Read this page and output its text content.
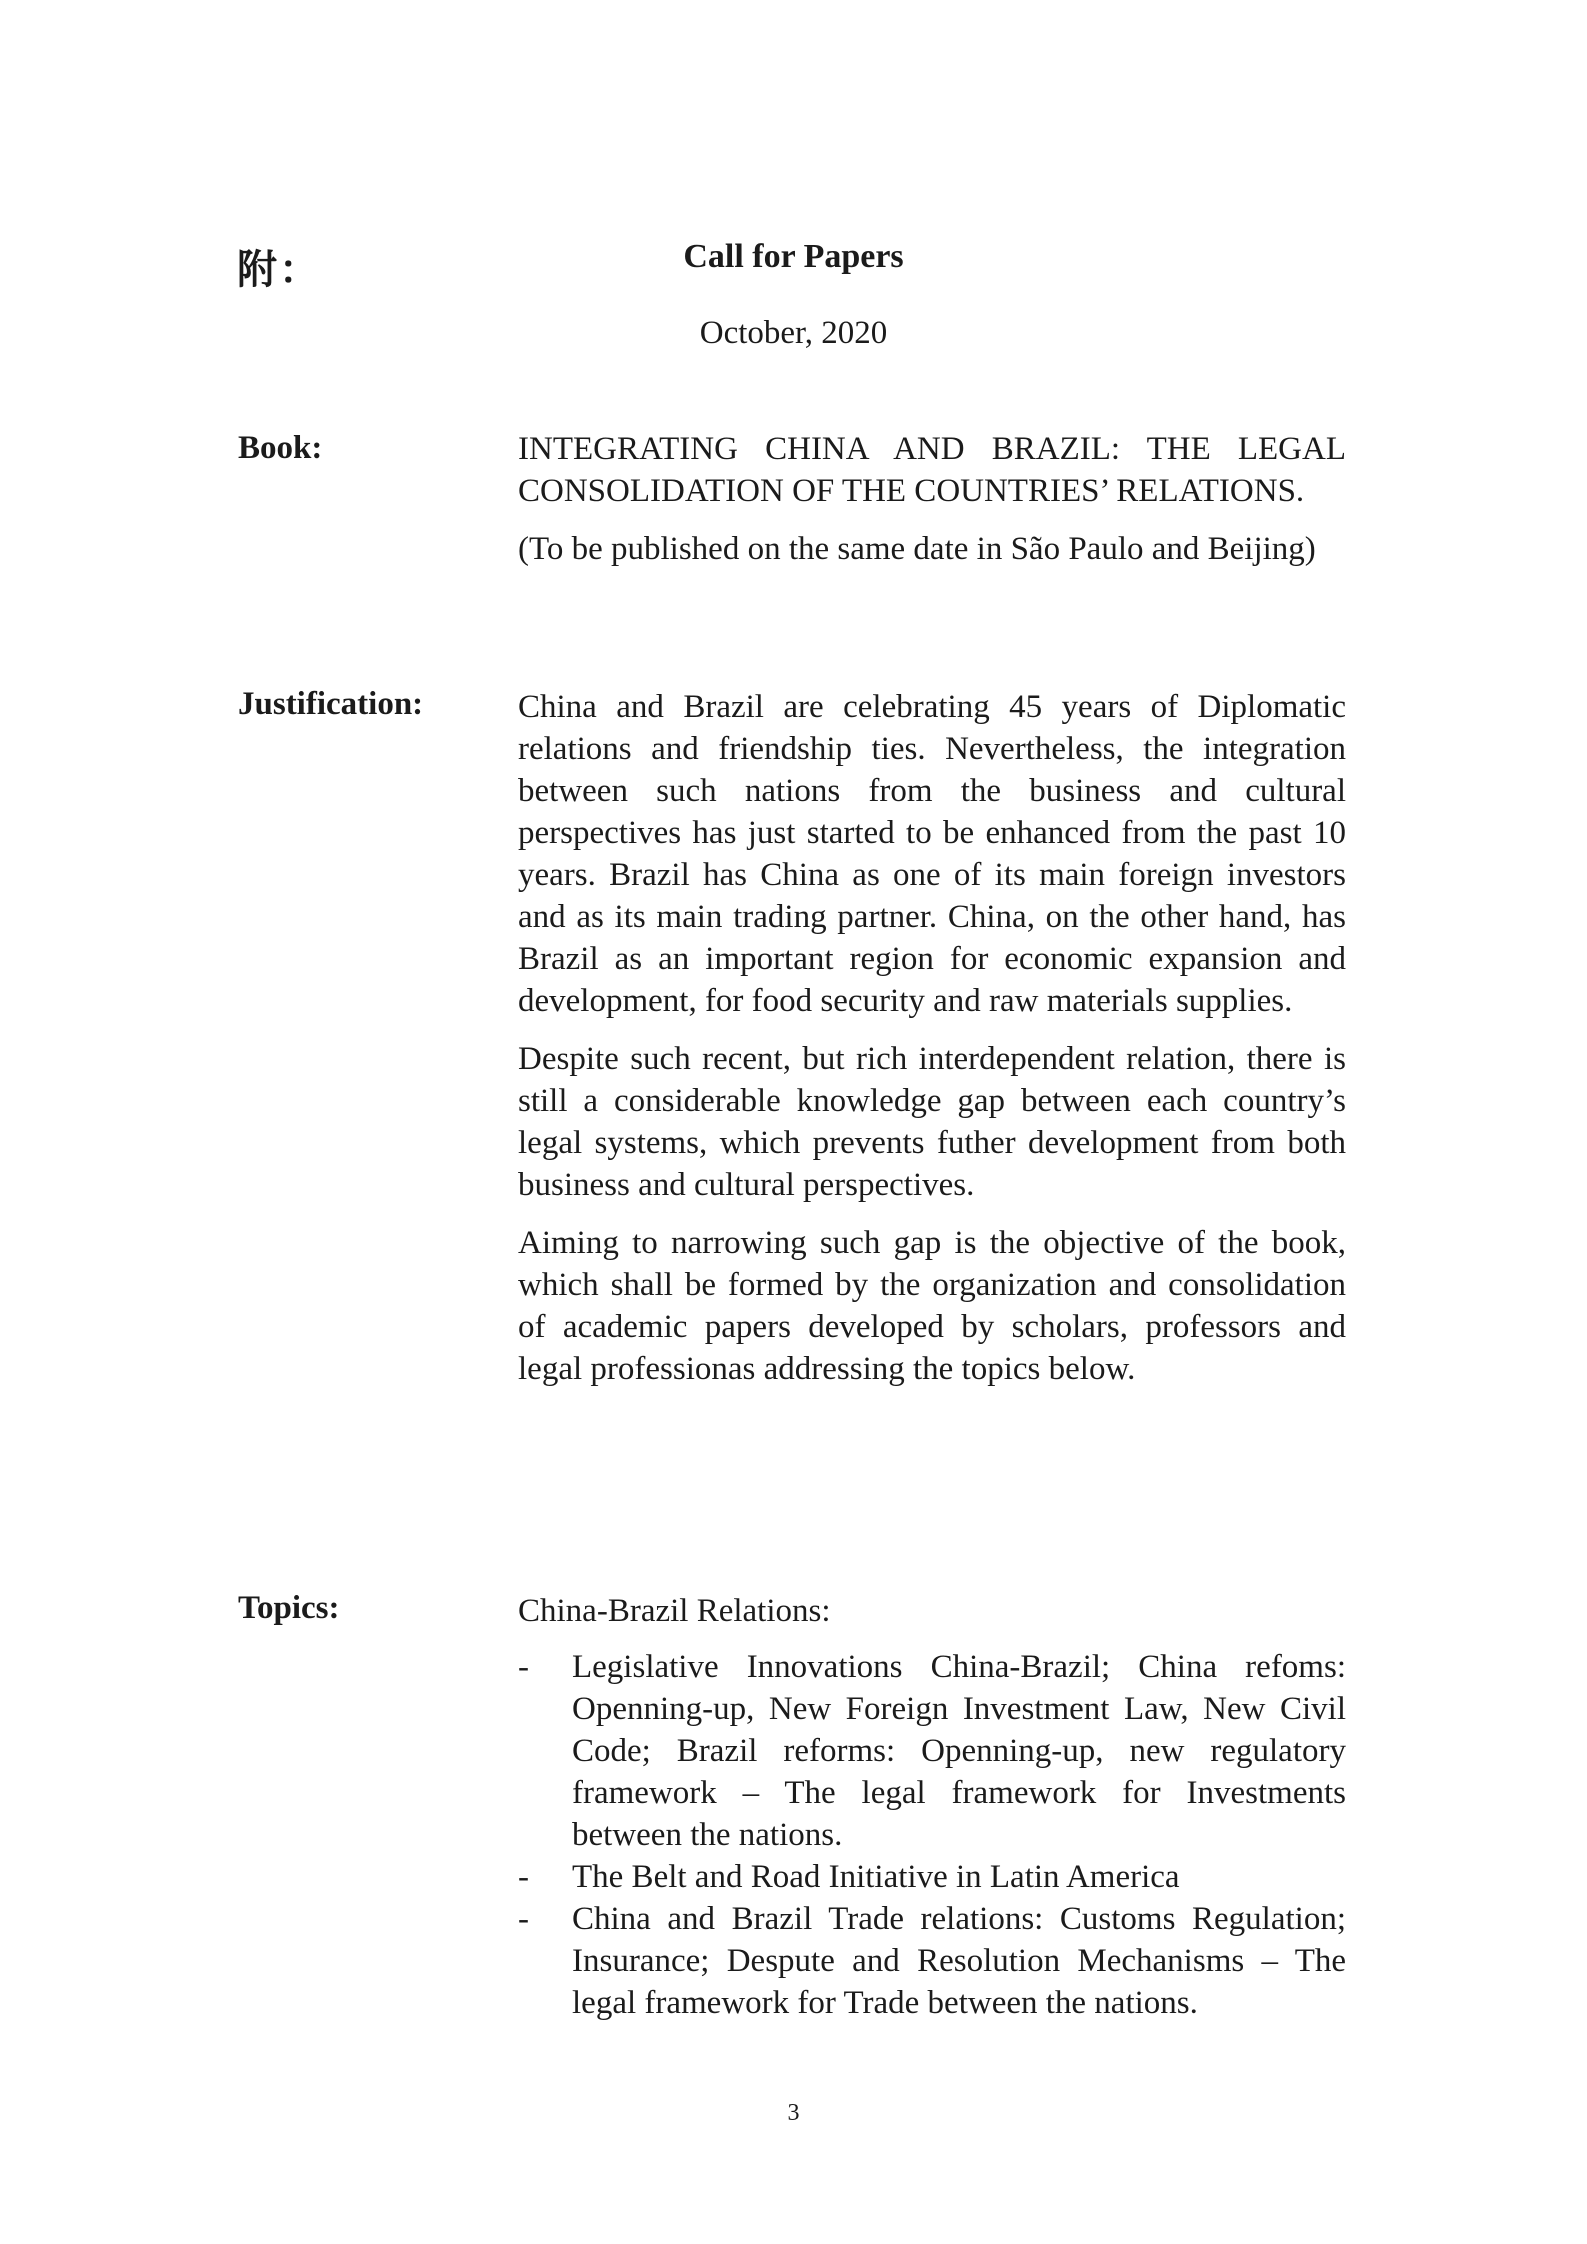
附：	Call for Papers
October, 2020
Book:	INTEGRATING CHINA AND BRAZIL: THE LEGAL CONSOLIDATION OF THE COUNTRIES’ RELATIONS.

(To be published on the same date in São Paulo and Beijing)

Justification:	China and Brazil are celebrating 45 years of Diplomatic relations and friendship ties. Nevertheless, the integration between such nations from the business and cultural perspectives has just started to be enhanced from the past 10 years. Brazil has China as one of its main foreign investors and as its main trading partner. China, on the other hand, has Brazil as an important region for economic expansion and development, for food security and raw materials supplies.

Despite such recent, but rich interdependent relation, there is still a considerable knowledge gap between each country’s legal systems, which prevents futher development from both business and cultural perspectives.

Aiming to narrowing such gap is the objective of the book, which shall be formed by the organization and consolidation of academic papers developed by scholars, professors and legal professionas addressing the topics below.

Topics:	China-Brazil Relations:
- Legislative Innovations China-Brazil; China refoms: Openning-up, New Foreign Investment Law, New Civil Code; Brazil reforms: Openning-up, new regulatory framework – The legal framework for Investments between the nations.
- The Belt and Road Initiative in Latin America
- China and Brazil Trade relations: Customs Regulation; Insurance; Despute and Resolution Mechanisms – The legal framework for Trade between the nations.
3
